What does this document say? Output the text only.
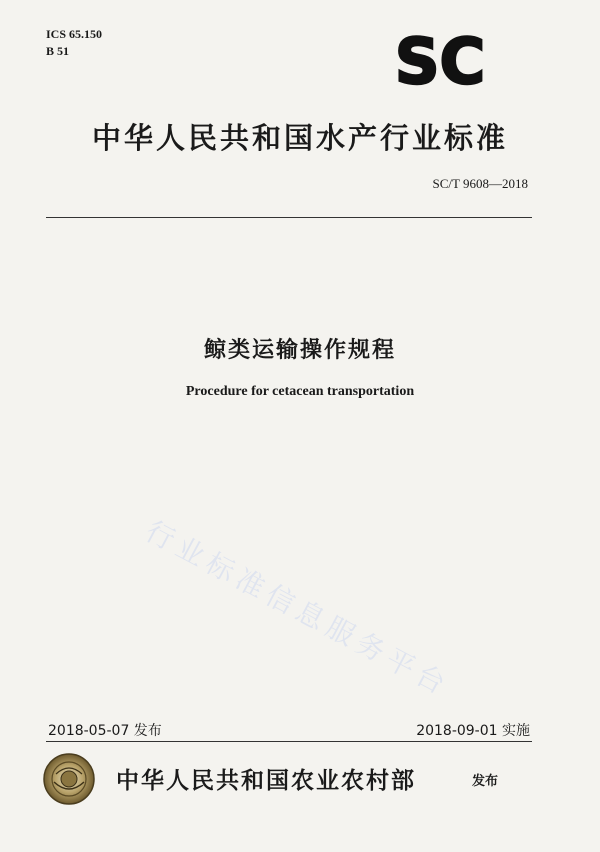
ICS 65.150
B 51	SC
中华人民共和国水产行业标准
SC/T 9608—2018
鲸类运输操作规程
Procedure for cetacean transportation
行业标准信息服务平台
2018-05-07 发布	2018-09-01 实施
中华人民共和国农业农村部	发布
